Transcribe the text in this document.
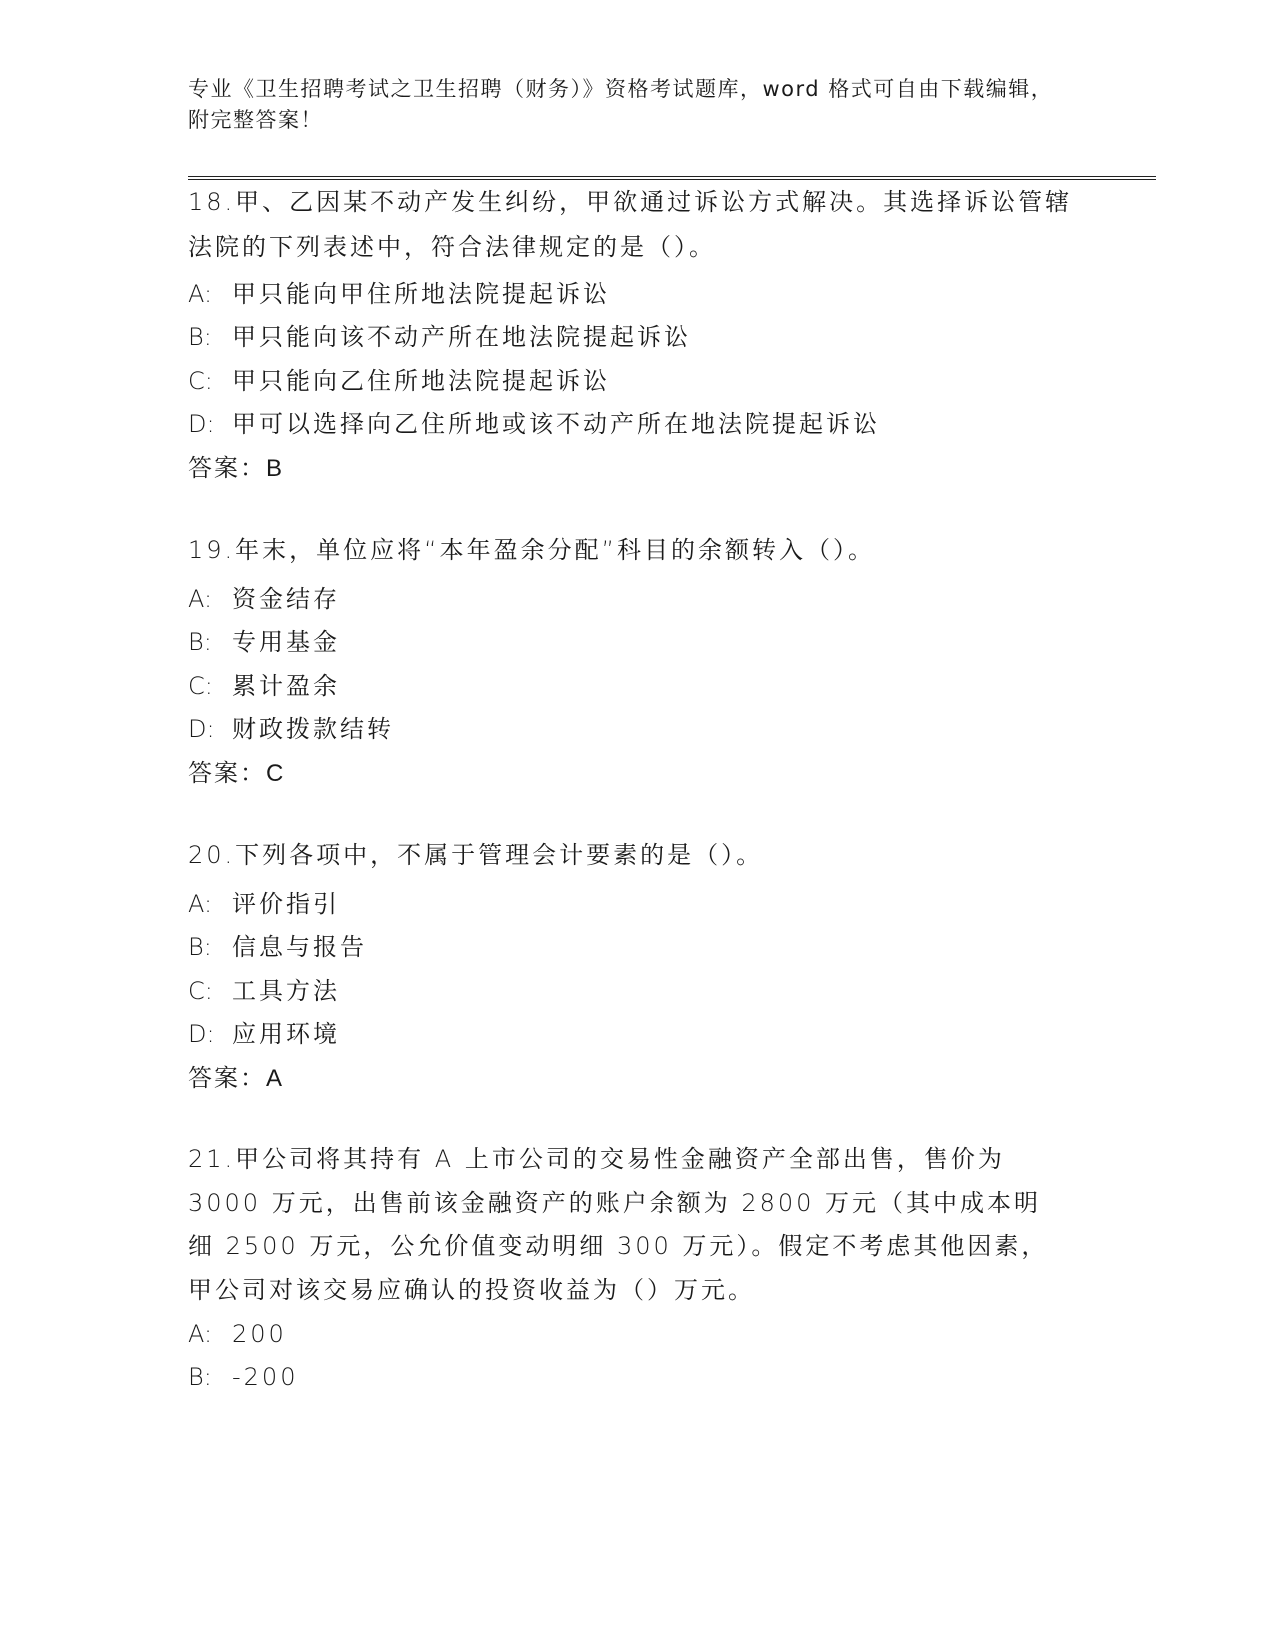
专业《卫生招聘考试之卫生招聘（财务）》资格考试题库，word 格式可自由下载编辑，附完整答案！
18.甲、乙因某不动产发生纠纷，甲欲通过诉讼方式解决。其选择诉讼管辖法院的下列表述中，符合法律规定的是（）。
A: 甲只能向甲住所地法院提起诉讼
B: 甲只能向该不动产所在地法院提起诉讼
C: 甲只能向乙住所地法院提起诉讼
D: 甲可以选择向乙住所地或该不动产所在地法院提起诉讼
答案：B
19.年末，单位应将“本年盈余分配”科目的余额转入（）。
A: 资金结存
B: 专用基金
C: 累计盈余
D: 财政拨款结转
答案：C
20.下列各项中，不属于管理会计要素的是（）。
A: 评价指引
B: 信息与报告
C: 工具方法
D: 应用环境
答案：A
21.甲公司将其持有 A 上市公司的交易性金融资产全部出售，售价为 3000 万元，出售前该金融资产的账户余额为 2800 万元（其中成本明细 2500 万元，公允价值变动明细 300 万元）。假定不考虑其他因素，甲公司对该交易应确认的投资收益为（）万元。
A: 200
B: -200
